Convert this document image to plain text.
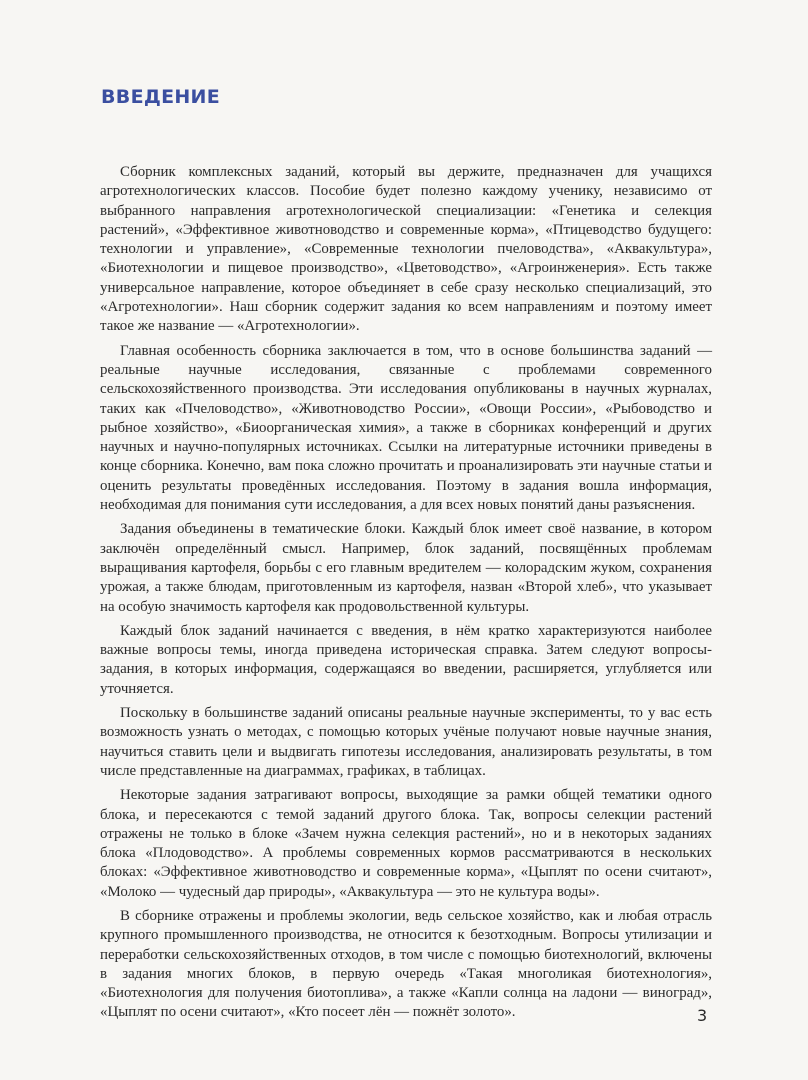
ВВЕДЕНИЕ

Сборник комплексных заданий, который вы держите, предназначен для учащихся агротехнологических классов. Пособие будет полезно каждому ученику, независимо от выбранного направления агротехнологической специализации: «Генетика и селекция растений», «Эффективное животноводство и современные корма», «Птицеводство будущего: технологии и управление», «Современные технологии пчеловодства», «Аквакультура», «Биотехнологии и пищевое производство», «Цветоводство», «Агроинженерия». Есть также универсальное направление, которое объединяет в себе сразу несколько специализаций, это «Агротехнологии». Наш сборник содержит задания ко всем направлениям и поэтому имеет такое же название — «Агротехнологии».

Главная особенность сборника заключается в том, что в основе большинства заданий — реальные научные исследования, связанные с проблемами современного сельскохозяйственного производства. Эти исследования опубликованы в научных журналах, таких как «Пчеловодство», «Животноводство России», «Овощи России», «Рыбоводство и рыбное хозяйство», «Биоорганическая химия», а также в сборниках конференций и других научных и научно-популярных источниках. Ссылки на литературные источники приведены в конце сборника. Конечно, вам пока сложно прочитать и проанализировать эти научные статьи и оценить результаты проведённых исследования. Поэтому в задания вошла информация, необходимая для понимания сути исследования, а для всех новых понятий даны разъяснения.

Задания объединены в тематические блоки. Каждый блок имеет своё название, в котором заключён определённый смысл. Например, блок заданий, посвящённых проблемам выращивания картофеля, борьбы с его главным вредителем — колорадским жуком, сохранения урожая, а также блюдам, приготовленным из картофеля, назван «Второй хлеб», что указывает на особую значимость картофеля как продовольственной культуры.

Каждый блок заданий начинается с введения, в нём кратко характеризуются наиболее важные вопросы темы, иногда приведена историческая справка. Затем следуют вопросы-задания, в которых информация, содержащаяся во введении, расширяется, углубляется или уточняется.

Поскольку в большинстве заданий описаны реальные научные эксперименты, то у вас есть возможность узнать о методах, с помощью которых учёные получают новые научные знания, научиться ставить цели и выдвигать гипотезы исследования, анализировать результаты, в том числе представленные на диаграммах, графиках, в таблицах.

Некоторые задания затрагивают вопросы, выходящие за рамки общей тематики одного блока, и пересекаются с темой заданий другого блока. Так, вопросы селекции растений отражены не только в блоке «Зачем нужна селекция растений», но и в некоторых заданиях блока «Плодоводство». А проблемы современных кормов рассматриваются в нескольких блоках: «Эффективное животноводство и современные корма», «Цыплят по осени считают», «Молоко — чудесный дар природы», «Аквакультура — это не культура воды».

В сборнике отражены и проблемы экологии, ведь сельское хозяйство, как и любая отрасль крупного промышленного производства, не относится к безотходным. Вопросы утилизации и переработки сельскохозяйственных отходов, в том числе с помощью биотехнологий, включены в задания многих блоков, в первую очередь «Такая многоликая биотехнология», «Биотехнология для получения биотоплива», а также «Капли солнца на ладони — виноград», «Цыплят по осени считают», «Кто посеет лён — пожнёт золото».	3
